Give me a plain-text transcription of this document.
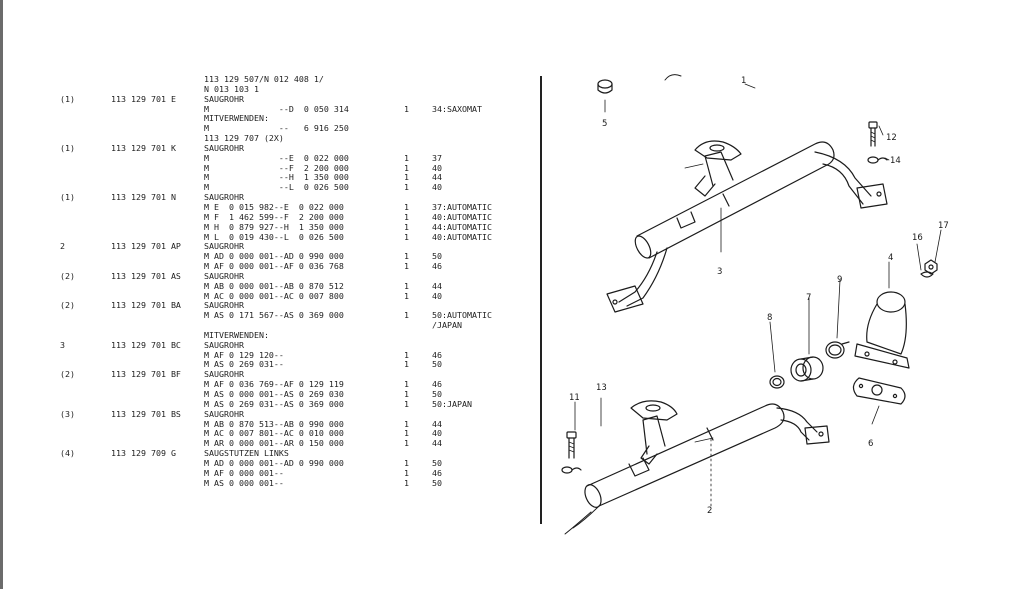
113 129 507/N 012 408 1/
N 013 103 1
(1)	113 129 701 E	SAUGROHR
M              --D  0 050 314	1	34:SAXOMAT
MITVERWENDEN:
M              --   6 916 250
113 129 707 (2X)
(1)	113 129 701 K	SAUGROHR
M              --E  0 022 000	1	37
M              --F  2 200 000	1	40
M              --H  1 350 000	1	44
M              --L  0 026 500	1	40
(1)	113 129 701 N	SAUGROHR
M E  0 015 982--E  0 022 000	1	37:AUTOMATIC
M F  1 462 599--F  2 200 000	1	40:AUTOMATIC
M H  0 879 927--H  1 350 000	1	44:AUTOMATIC
M L  0 019 430--L  0 026 500	1	40:AUTOMATIC
2	113 129 701 AP	SAUGROHR
M AD 0 000 001--AD 0 990 000	1	50
M AF 0 000 001--AF 0 036 768	1	46
(2)	113 129 701 AS	SAUGROHR
M AB 0 000 001--AB 0 870 512	1	44
M AC 0 000 001--AC 0 007 800	1	40
(2)	113 129 701 BA	SAUGROHR
M AS 0 171 567--AS 0 369 000	1	50:AUTOMATIC
/JAPAN
MITVERWENDEN:
3	113 129 701 BC	SAUGROHR
M AF 0 129 120--	1	46
M AS 0 269 031--	1	50
(2)	113 129 701 BF	SAUGROHR
M AF 0 036 769--AF 0 129 119	1	46
M AS 0 000 001--AS 0 269 030	1	50
M AS 0 269 031--AS 0 369 000	1	50:JAPAN
(3)	113 129 701 BS	SAUGROHR
M AB 0 870 513--AB 0 990 000	1	44
M AC 0 007 801--AC 0 010 000	1	40
M AR 0 000 001--AR 0 150 000	1	44
(4)	113 129 709 G	SAUGSTUTZEN LINKS
M AD 0 000 001--AD 0 990 000	1	50
M AF 0 000 001--	1	46
M AS 0 000 001--	1	50
1
2
3
4
5
6
7
8
9
11
12
13
14
16
17
